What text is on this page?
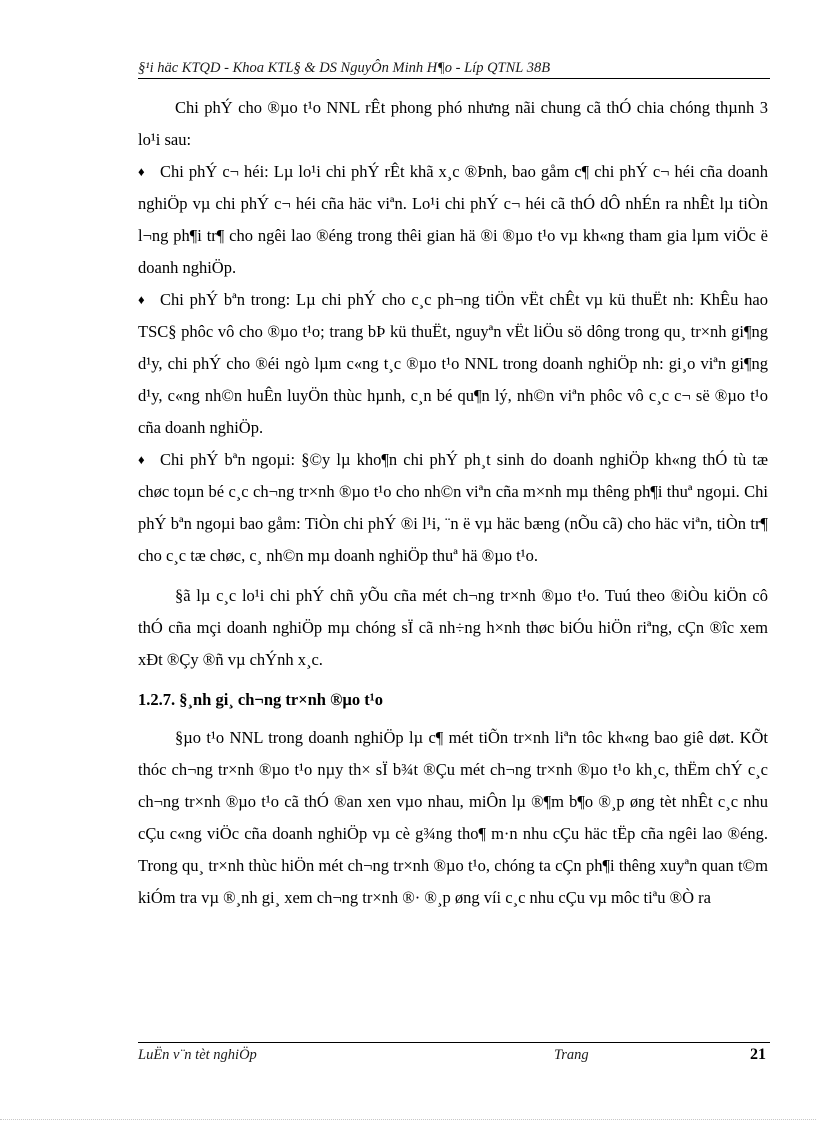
§¹i häc KTQD - Khoa KTL§ & DS NguyÔn Minh H¶o - Líp QTNL 38B

Chi phÝ cho ®µo t¹o NNL rÊt phong phó nhưng nãi chung cã thÓ chia chóng thµnh 3 lo¹i sau:

♦ Chi phÝ c¬ héi: Lµ lo¹i chi phÝ rÊt khã x¸c ®Þnh, bao gåm c¶ chi phÝ c¬ héi cña doanh nghiÖp vµ chi phÝ c¬ héi cña häc viªn. Lo¹i chi phÝ c¬ héi cã thÓ dÔ nhÉn ra nhÊt lµ tiÒn l¬ng ph¶i tr¶ cho ngêi lao ®éng trong thêi gian hä ®i ®µo t¹o vµ kh«ng tham gia lµm viÖc ë doanh nghiÖp.

♦ Chi phÝ bªn trong: Lµ chi phÝ cho c¸c ph¬ng tiÖn vËt chÊt vµ kü thuËt nh: KhÊu hao TSC§ phôc vô cho ®µo t¹o; trang bÞ kü thuËt, nguyªn vËt liÖu sö dông trong qu¸ tr×nh gi¶ng d¹y, chi phÝ cho ®éi ngò lµm c«ng t¸c ®µo t¹o NNL trong doanh nghiÖp nh: gi¸o viªn gi¶ng d¹y, c«ng nh©n huÊn luyÖn thùc hµnh, c¸n bé qu¶n lý, nh©n viªn phôc vô c¸c c¬ së ®µo t¹o cña doanh nghiÖp.

♦ Chi phÝ bªn ngoµi: §©y lµ kho¶n chi phÝ ph¸t sinh do doanh nghiÖp kh«ng thÓ tù tæ chøc toµn bé c¸c ch¬ng tr×nh ®µo t¹o cho nh©n viªn cña m×nh mµ thêng ph¶i thuª ngoµi. Chi phÝ bªn ngoµi bao gåm: TiÒn chi phÝ ®i l¹i, ¨n ë vµ häc bæng (nÕu cã) cho häc viªn, tiÒn tr¶ cho c¸c tæ chøc, c¸ nh©n mµ doanh nghiÖp thuª hä ®µo t¹o.

§ã lµ c¸c lo¹i chi phÝ chñ yÕu cña mét ch¬ng tr×nh ®µo t¹o. Tuú theo ®iÒu kiÖn cô thÓ cña mçi doanh nghiÖp mµ chóng sÏ cã nh÷ng h×nh thøc biÓu hiÖn riªng, cÇn ®îc xem xÐt ®Çy ®ñ vµ chÝnh x¸c.

1.2.7. §¸nh gi¸ ch¬ng tr×nh ®µo t¹o

§µo t¹o NNL trong doanh nghiÖp lµ c¶ mét tiÕn tr×nh liªn tôc kh«ng bao giê døt. KÕt thóc ch¬ng tr×nh ®µo t¹o nµy th× sÏ b¾t ®Çu mét ch¬ng tr×nh ®µo t¹o kh¸c, thËm chÝ c¸c ch¬ng tr×nh ®µo t¹o cã thÓ ®an xen vµo nhau, miÔn lµ ®¶m b¶o ®¸p øng tèt nhÊt c¸c nhu cÇu c«ng viÖc cña doanh nghiÖp vµ cè g¾ng tho¶ m·n nhu cÇu häc tËp cña ngêi lao ®éng. Trong qu¸ tr×nh thùc hiÖn mét ch¬ng tr×nh ®µo t¹o, chóng ta cÇn ph¶i thêng xuyªn quan t©m kiÓm tra vµ ®¸nh gi¸ xem ch¬ng tr×nh ®· ®¸p øng víi c¸c nhu cÇu vµ môc tiªu ®Ò ra

LuËn v¨n tèt nghiÖp	Trang	21
